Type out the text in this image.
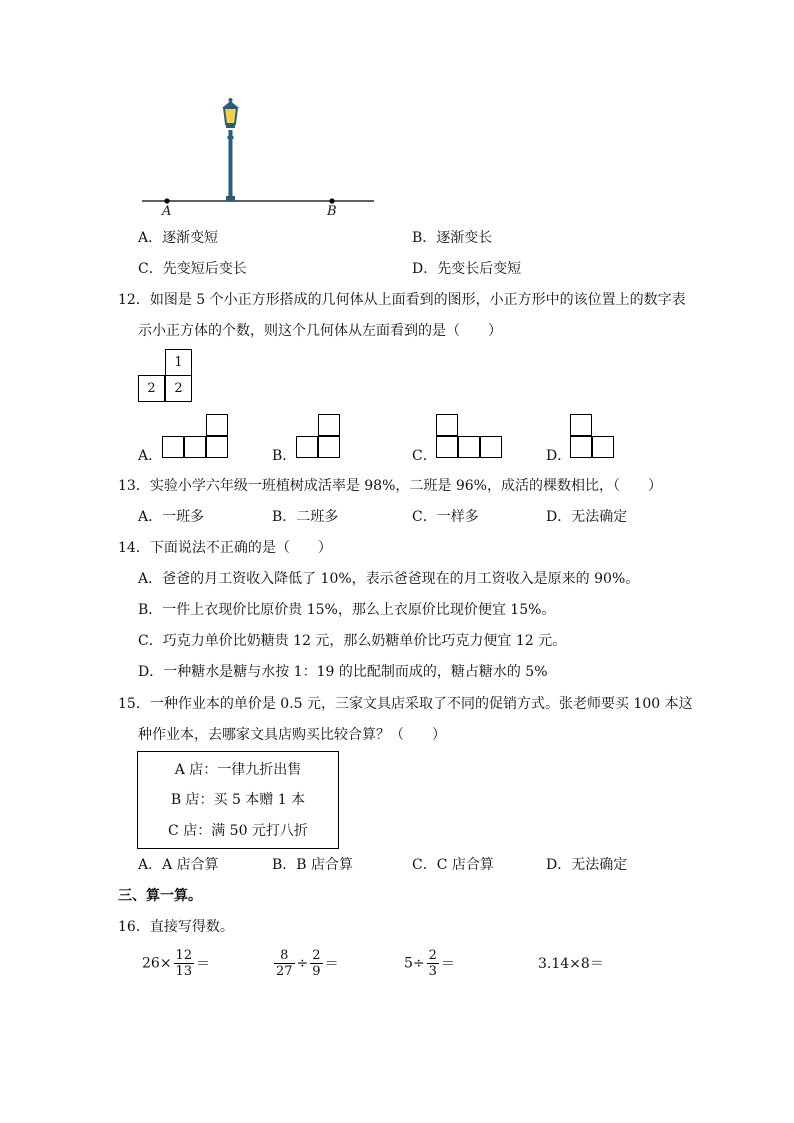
A	B
A．逐渐变短	B．逐渐变长
C．先变短后变长	D．先变长后变短
12．如图是 5 个小正方形搭成的几何体从上面看到的图形，小正方形中的该位置上的数字表
示小正方体的个数，则这个几何体从左面看到的是（　　）
1
2	2
A．	B．	C．	D．
13．实验小学六年级一班植树成活率是 98%，二班是 96%，成活的棵数相比，（　　）
A．一班多	B．二班多	C．一样多	D．无法确定
14．下面说法不正确的是（　　）
A．爸爸的月工资收入降低了 10%，表示爸爸现在的月工资收入是原来的 90%。
B．一件上衣现价比原价贵 15%，那么上衣原价比现价便宜 15%。
C．巧克力单价比奶糖贵 12 元，那么奶糖单价比巧克力便宜 12 元。
D．一种糖水是糖与水按 1：19 的比配制而成的，糖占糖水的 5%
15．一种作业本的单价是 0.5 元，三家文具店采取了不同的促销方式。张老师要买 100 本这
种作业本，去哪家文具店购买比较合算？（　　）
A 店：一律九折出售
B 店：买 5 本赠 1 本
C 店：满 50 元打八折
A．A 店合算	B．B 店合算	C．C 店合算	D．无法确定
三、算一算。
16．直接写得数。
$26\times \frac{12}{13}$ ＝	$\frac{8}{27} \div \frac{2}{9}$ ＝	$5\div \frac{2}{3}$ ＝	3.14×8＝
